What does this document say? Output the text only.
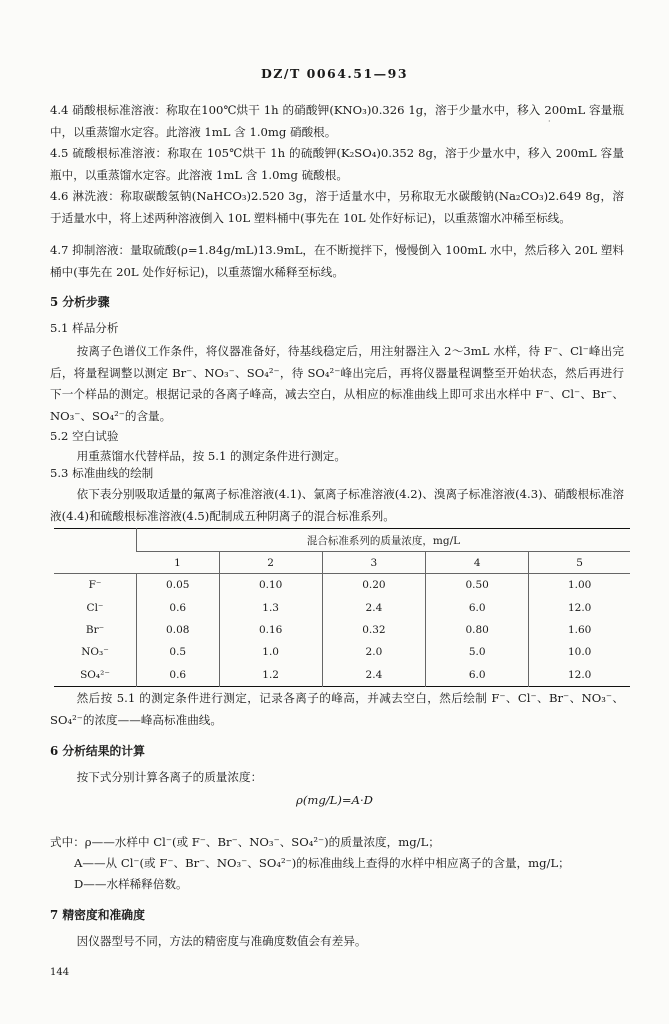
DZ/T 0064.51—93
·

4.4 硝酸根标准溶液：称取在100℃烘干 1h 的硝酸钾(KNO₃)0.326 1g，溶于少量水中，移入 200mL 容量瓶中，以重蒸馏水定容。此溶液 1mL 含 1.0mg 硝酸根。

4.5 硫酸根标准溶液：称取在 105℃烘干 1h 的硫酸钾(K₂SO₄)0.352 8g，溶于少量水中，移入 200mL 容量瓶中，以重蒸馏水定容。此溶液 1mL 含 1.0mg 硫酸根。

4.6 淋洗液：称取碳酸氢钠(NaHCO₃)2.520 3g，溶于适量水中，另称取无水碳酸钠(Na₂CO₃)2.649 8g，溶于适量水中，将上述两种溶液倒入 10L 塑料桶中(事先在 10L 处作好标记)，以重蒸馏水冲稀至标线。

4.7 抑制溶液：量取硫酸(ρ=1.84g/mL)13.9mL，在不断搅拌下，慢慢倒入 100mL 水中，然后移入 20L 塑料桶中(事先在 20L 处作好标记)，以重蒸馏水稀释至标线。

5 分析步骤
5.1 样品分析

按离子色谱仪工作条件，将仪器准备好，待基线稳定后，用注射器注入 2～3mL 水样，待 F⁻、Cl⁻峰出完后，将量程调整以测定 Br⁻、NO₃⁻、SO₄²⁻，待 SO₄²⁻峰出完后，再将仪器量程调整至开始状态，然后再进行下一个样品的测定。根据记录的各离子峰高，减去空白，从相应的标准曲线上即可求出水样中 F⁻、Cl⁻、Br⁻、NO₃⁻、SO₄²⁻的含量。

5.2 空白试验

用重蒸馏水代替样品，按 5.1 的测定条件进行测定。

5.3 标准曲线的绘制

依下表分别吸取适量的氟离子标准溶液(4.1)、氯离子标准溶液(4.2)、溴离子标准溶液(4.3)、硝酸根标准溶液(4.4)和硫酸根标准溶液(4.5)配制成五种阴离子的混合标准系列。

	混合标准系列的质量浓度，mg/L				
	1	2	3	4	5
F⁻	0.05	0.10	0.20	0.50	1.00
Cl⁻	0.6	1.3	2.4	6.0	12.0
Br⁻	0.08	0.16	0.32	0.80	1.60
NO₃⁻	0.5	1.0	2.0	5.0	10.0
SO₄²⁻	0.6	1.2	2.4	6.0	12.0

然后按 5.1 的测定条件进行测定，记录各离子的峰高，并减去空白，然后绘制 F⁻、Cl⁻、Br⁻、NO₃⁻、SO₄²⁻的浓度——峰高标准曲线。

6 分析结果的计算

按下式分别计算各离子的质量浓度：

ρ(mg/L)=A·D
式中：ρ——水样中 Cl⁻(或 F⁻、Br⁻、NO₃⁻、SO₄²⁻)的质量浓度，mg/L；
A——从 Cl⁻(或 F⁻、Br⁻、NO₃⁻、SO₄²⁻)的标准曲线上查得的水样中相应离子的含量，mg/L；
D——水样稀释倍数。
7 精密度和准确度

因仪器型号不同，方法的精密度与准确度数值会有差异。

144
